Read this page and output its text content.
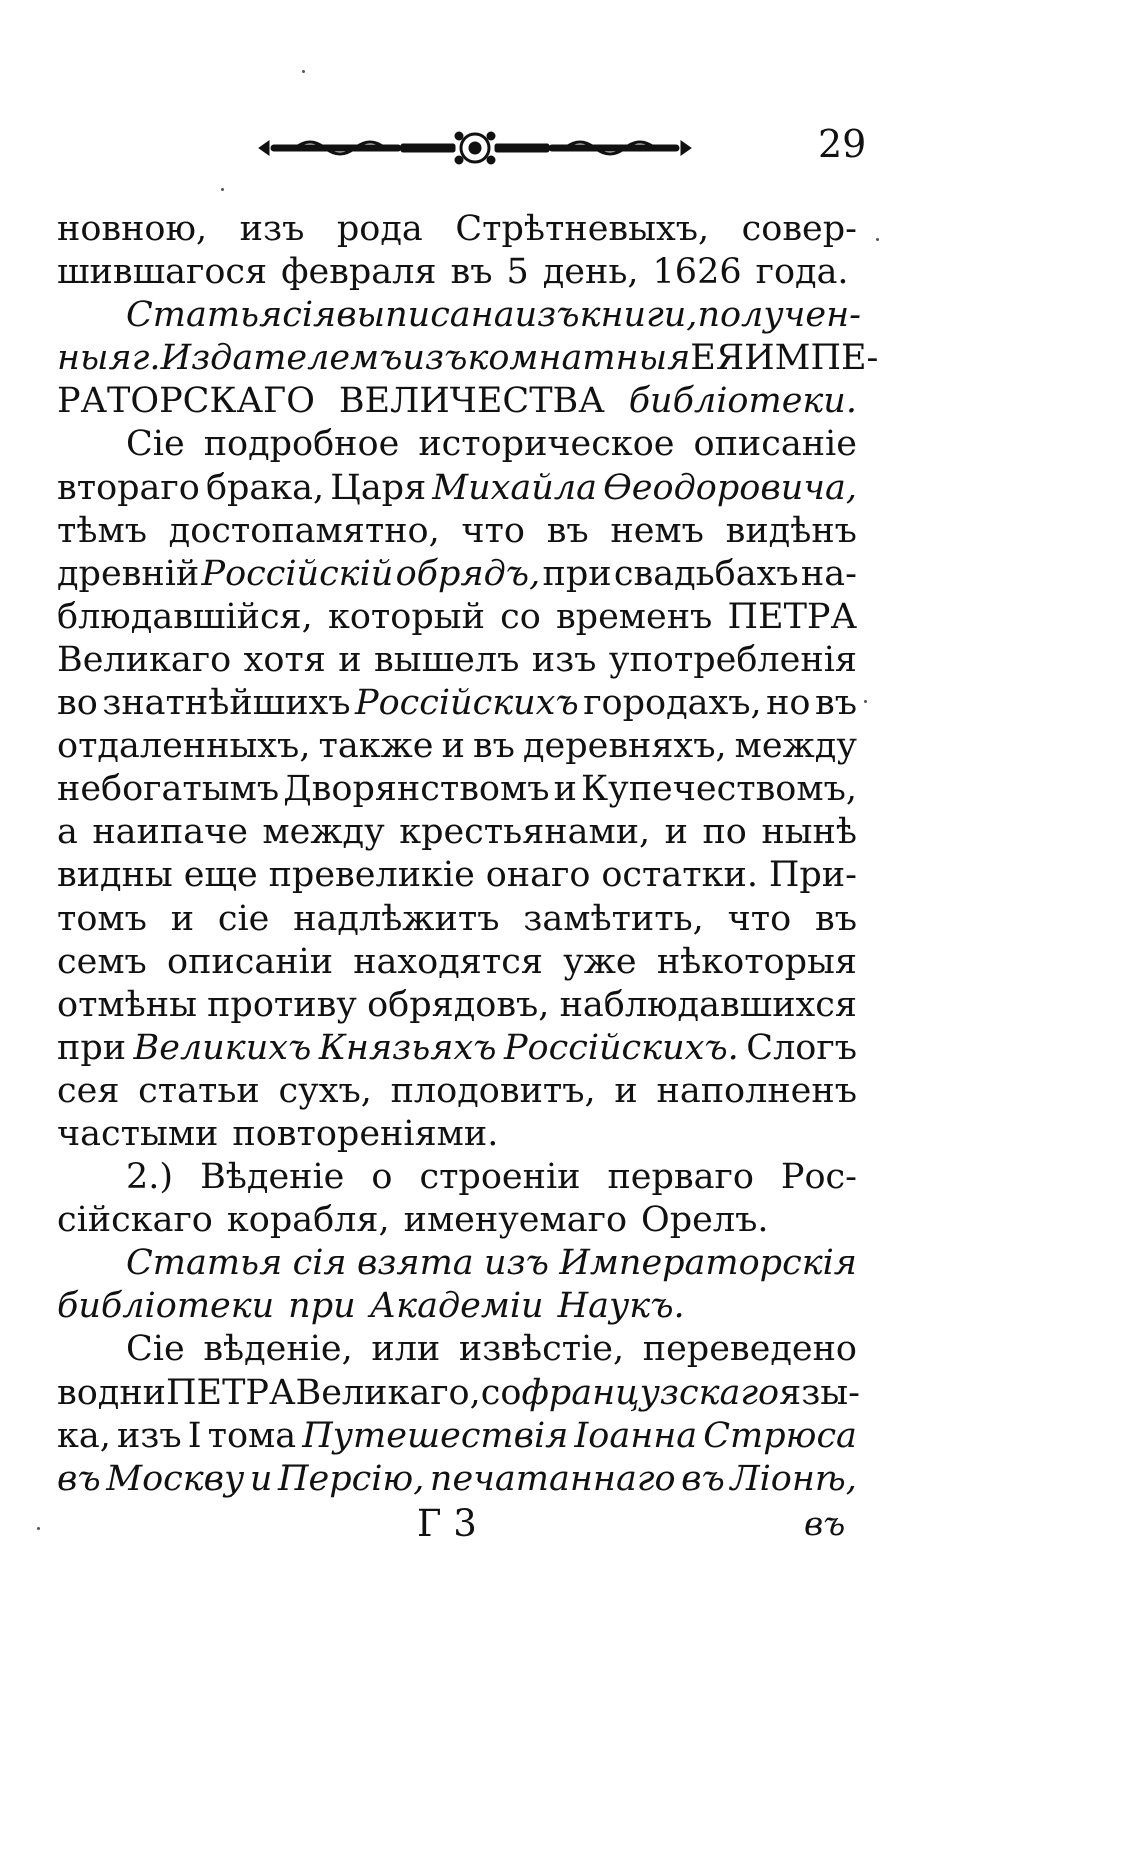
29
новною, изъ рода Стрѣтневыхъ, совер-
шившагося февраля въ 5 день, 1626 года.
Статья сія выписана изъ книги, получен-
ныя г. Издателемъ изъ комнатныя ЕЯ ИМПЕ-
РАТОРСКАГО ВЕЛИЧЕСТВА библіотеки.
Сіе подробное историческое описаніе
втораго брака, Царя Михайла Ѳеодоровича,
тѣмъ достопамятно, что въ немъ видѣнъ
древній Россійскій обрядъ, при свадьбахъ на-
блюдавшійся, который со временъ ПЕТРА
Великаго хотя и вышелъ изъ употребленія
во знатнѣйшихъ Россійскихъ городахъ, но въ
отдаленныхъ, также и въ деревняхъ, между
небогатымъ Дворянствомъ и Купечествомъ,
а наипаче между крестьянами, и по нынѣ
видны еще превеликіе онаго остатки. При-
томъ и сіе надлѣжитъ замѣтить, что въ
семъ описаніи находятся уже нѣкоторыя
отмѣны противу обрядовъ, наблюдавшихся
при Великихъ Князьяхъ Россійскихъ. Слогъ
сея статьи сухъ, плодовитъ, и наполненъ
частыми повтореніями.
2.) Вѣденіе о строеніи перваго Рос-
сійскаго корабля, именуемаго Орелъ.
Статья сія взята изъ Императорскія
библіотеки при Академіи Наукъ.
Сіе вѣденіе, или извѣстіе, переведено
во дни ПЕТРА Великаго, со французскаго язы-
ка, изъ I тома Путешествія Іоанна Стрюса
въ Москву и Персію, печатаннаго въ Ліонѣ,
Г 3	въ
